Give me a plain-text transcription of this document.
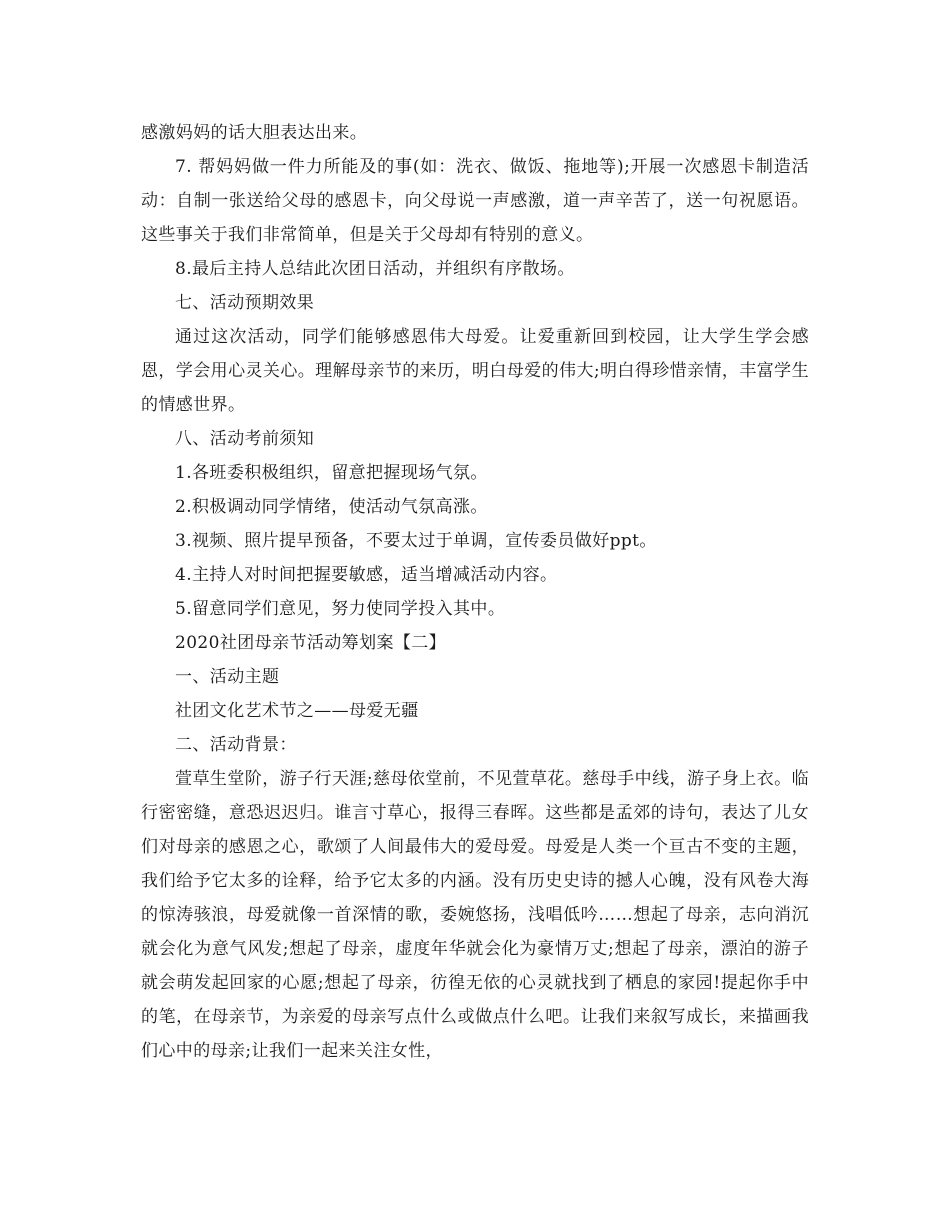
感激妈妈的话大胆表达出来。

7. 帮妈妈做一件力所能及的事(如：洗衣、做饭、拖地等);开展一次感恩卡制造活动：自制一张送给父母的感恩卡，向父母说一声感激，道一声辛苦了，送一句祝愿语。这些事关于我们非常简单，但是关于父母却有特别的意义。

8.最后主持人总结此次团日活动，并组织有序散场。

七、活动预期效果

通过这次活动，同学们能够感恩伟大母爱。让爱重新回到校园，让大学生学会感恩，学会用心灵关心。理解母亲节的来历，明白母爱的伟大;明白得珍惜亲情，丰富学生的情感世界。

八、活动考前须知

1.各班委积极组织，留意把握现场气氛。

2.积极调动同学情绪，使活动气氛高涨。

3.视频、照片提早预备，不要太过于单调，宣传委员做好ppt。

4.主持人对时间把握要敏感，适当增减活动内容。

5.留意同学们意见，努力使同学投入其中。

2020社团母亲节活动筹划案【二】

一、活动主题

社团文化艺术节之——母爱无疆

二、活动背景：

萱草生堂阶，游子行天涯;慈母依堂前，不见萱草花。慈母手中线，游子身上衣。临行密密缝，意恐迟迟归。谁言寸草心，报得三春晖。这些都是孟郊的诗句，表达了儿女们对母亲的感恩之心，歌颂了人间最伟大的爱母爱。母爱是人类一个亘古不变的主题，我们给予它太多的诠释，给予它太多的内涵。没有历史史诗的撼人心魄，没有风卷大海的惊涛骇浪，母爱就像一首深情的歌，委婉悠扬，浅唱低吟……想起了母亲，志向消沉就会化为意气风发;想起了母亲，虚度年华就会化为豪情万丈;想起了母亲，漂泊的游子就会萌发起回家的心愿;想起了母亲，彷徨无依的心灵就找到了栖息的家园!提起你手中的笔，在母亲节，为亲爱的母亲写点什么或做点什么吧。让我们来叙写成长，来描画我们心中的母亲;让我们一起来关注女性，
